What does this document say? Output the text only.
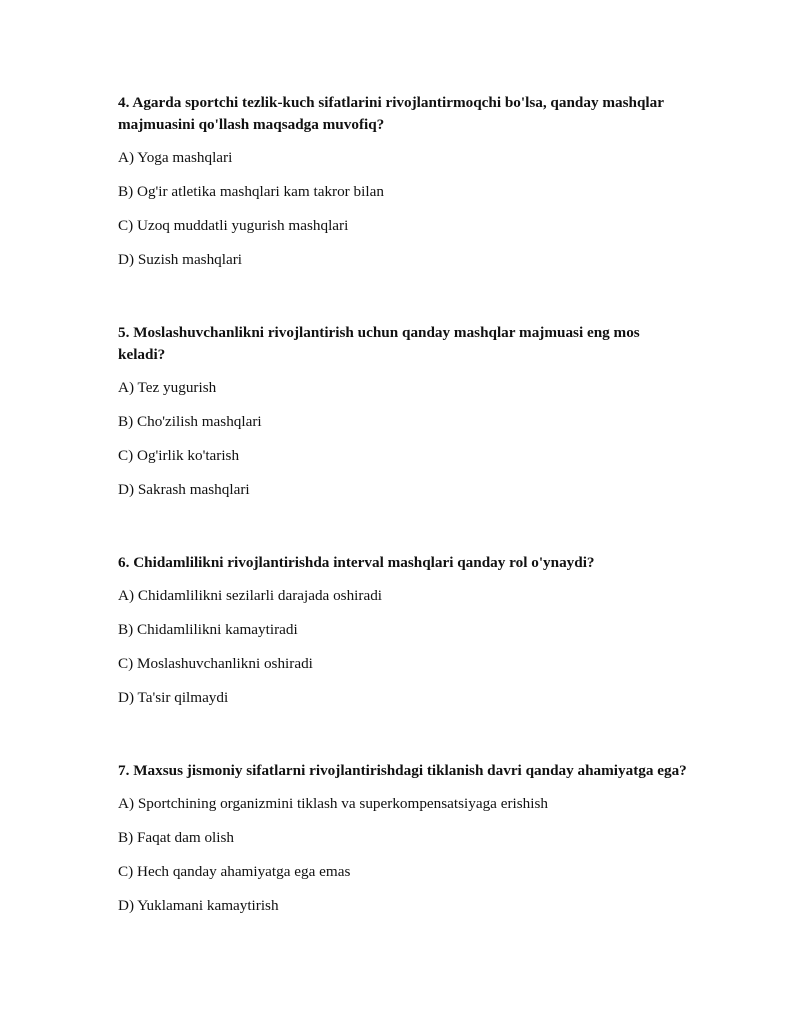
4. Agarda sportchi tezlik-kuch sifatlarini rivojlantirmoqchi bo'lsa, qanday mashqlar majmuasini qo'llash maqsadga muvofiq?

A) Yoga mashqlari

B) Og'ir atletika mashqlari kam takror bilan

C) Uzoq muddatli yugurish mashqlari

D) Suzish mashqlari

5. Moslashuvchanlikni rivojlantirish uchun qanday mashqlar majmuasi eng mos keladi?

A) Tez yugurish

B) Cho'zilish mashqlari

C) Og'irlik ko'tarish

D) Sakrash mashqlari

6. Chidamlilikni rivojlantirishda interval mashqlari qanday rol o'ynaydi?

A) Chidamlilikni sezilarli darajada oshiradi

B) Chidamlilikni kamaytiradi

C) Moslashuvchanlikni oshiradi

D) Ta'sir qilmaydi

7. Maxsus jismoniy sifatlarni rivojlantirishdagi tiklanish davri qanday ahamiyatga ega?

A) Sportchining organizmini tiklash va superkompensatsiyaga erishish

B) Faqat dam olish

C) Hech qanday ahamiyatga ega emas

D) Yuklamani kamaytirish
